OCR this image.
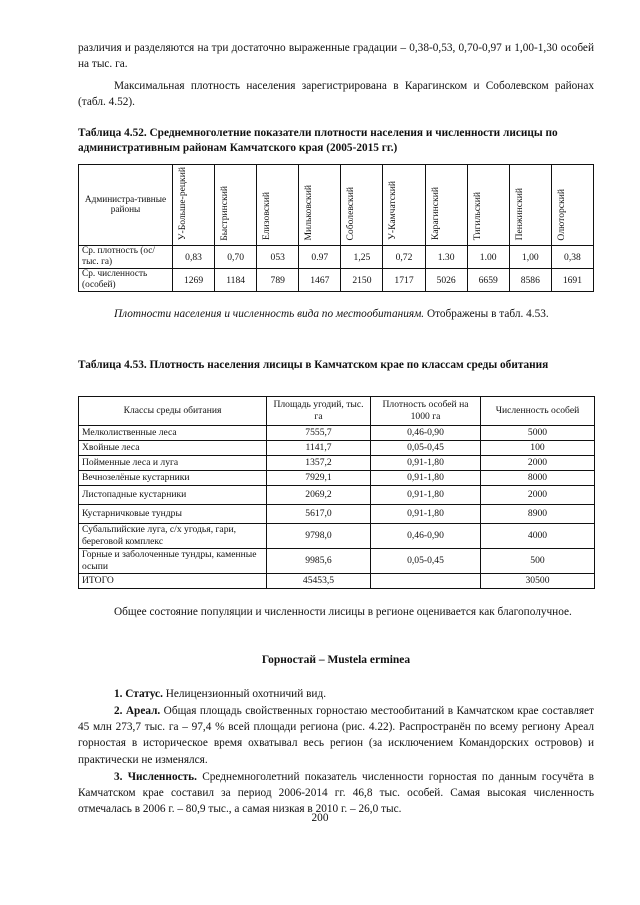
различия и разделяются на три достаточно выраженные градации – 0,38-0,53, 0,70-0,97 и 1,00-1,30 особей на тыс. га.

Максимальная плотность населения зарегистрирована в Карагинском и Соболевском районах (табл. 4.52).

Таблица 4.52. Среднемноголетние показатели плотности населения и численности лисицы по административным районам Камчатского края (2005-2015 гг.)

Администра-тивные районы	У-Больше-рецкий	Быстринский	Елизовский	Мильковский	Соболевский	У-Камчатский	Карагинский	Тигильский	Пенжинский	Олюторский
Ср. плотность (ос/тыс. га)	0,83	0,70	053	0.97	1,25	0,72	1.30	1.00	1,00	0,38
Ср. численность (особей)	1269	1184	789	1467	2150	1717	5026	6659	8586	1691

Плотности населения и численность вида по местообитаниям. Отображены в табл. 4.53.

Таблица 4.53. Плотность населения лисицы в Камчатском крае по классам среды обитания

Классы среды обитания	Площадь угодий, тыс. га	Плотность особей на 1000 га	Численность особей
Мелколиственные леса	7555,7	0,46-0,90	5000
Хвойные леса	1141,7	0,05-0,45	100
Пойменные леса и луга	1357,2	0,91-1,80	2000
Вечнозелёные кустарники	7929,1	0,91-1,80	8000
Листопадные кустарники	2069,2	0,91-1,80	2000
Кустарничковые тундры	5617,0	0,91-1,80	8900
Субальпийские луга, с/х угодья, гари, береговой комплекс	9798,0	0,46-0,90	4000
Горные и заболоченные тундры, каменные осыпи	9985,6	0,05-0,45	500
ИТОГО	45453,5		30500

Общее состояние популяции и численности лисицы в регионе оценивается как благополучное.

Горностай – Mustela erminea

1. Статус. Нелицензионный охотничий вид.

2. Ареал. Общая площадь свойственных горностаю местообитаний в Камчатском крае составляет 45 млн 273,7 тыс. га – 97,4 % всей площади региона (рис. 4.22). Распространён по всему региону Ареал горностая в историческое время охватывал весь регион (за исключением Командорских островов) и практически не изменялся.

3. Численность. Среднемноголетний показатель численности горностая по данным госучёта в Камчатском крае составил за период 2006-2014 гг. 46,8 тыс. особей. Самая высокая численность отмечалась в 2006 г. – 80,9 тыс., а самая низкая в 2010 г. – 26,0 тыс.

200
